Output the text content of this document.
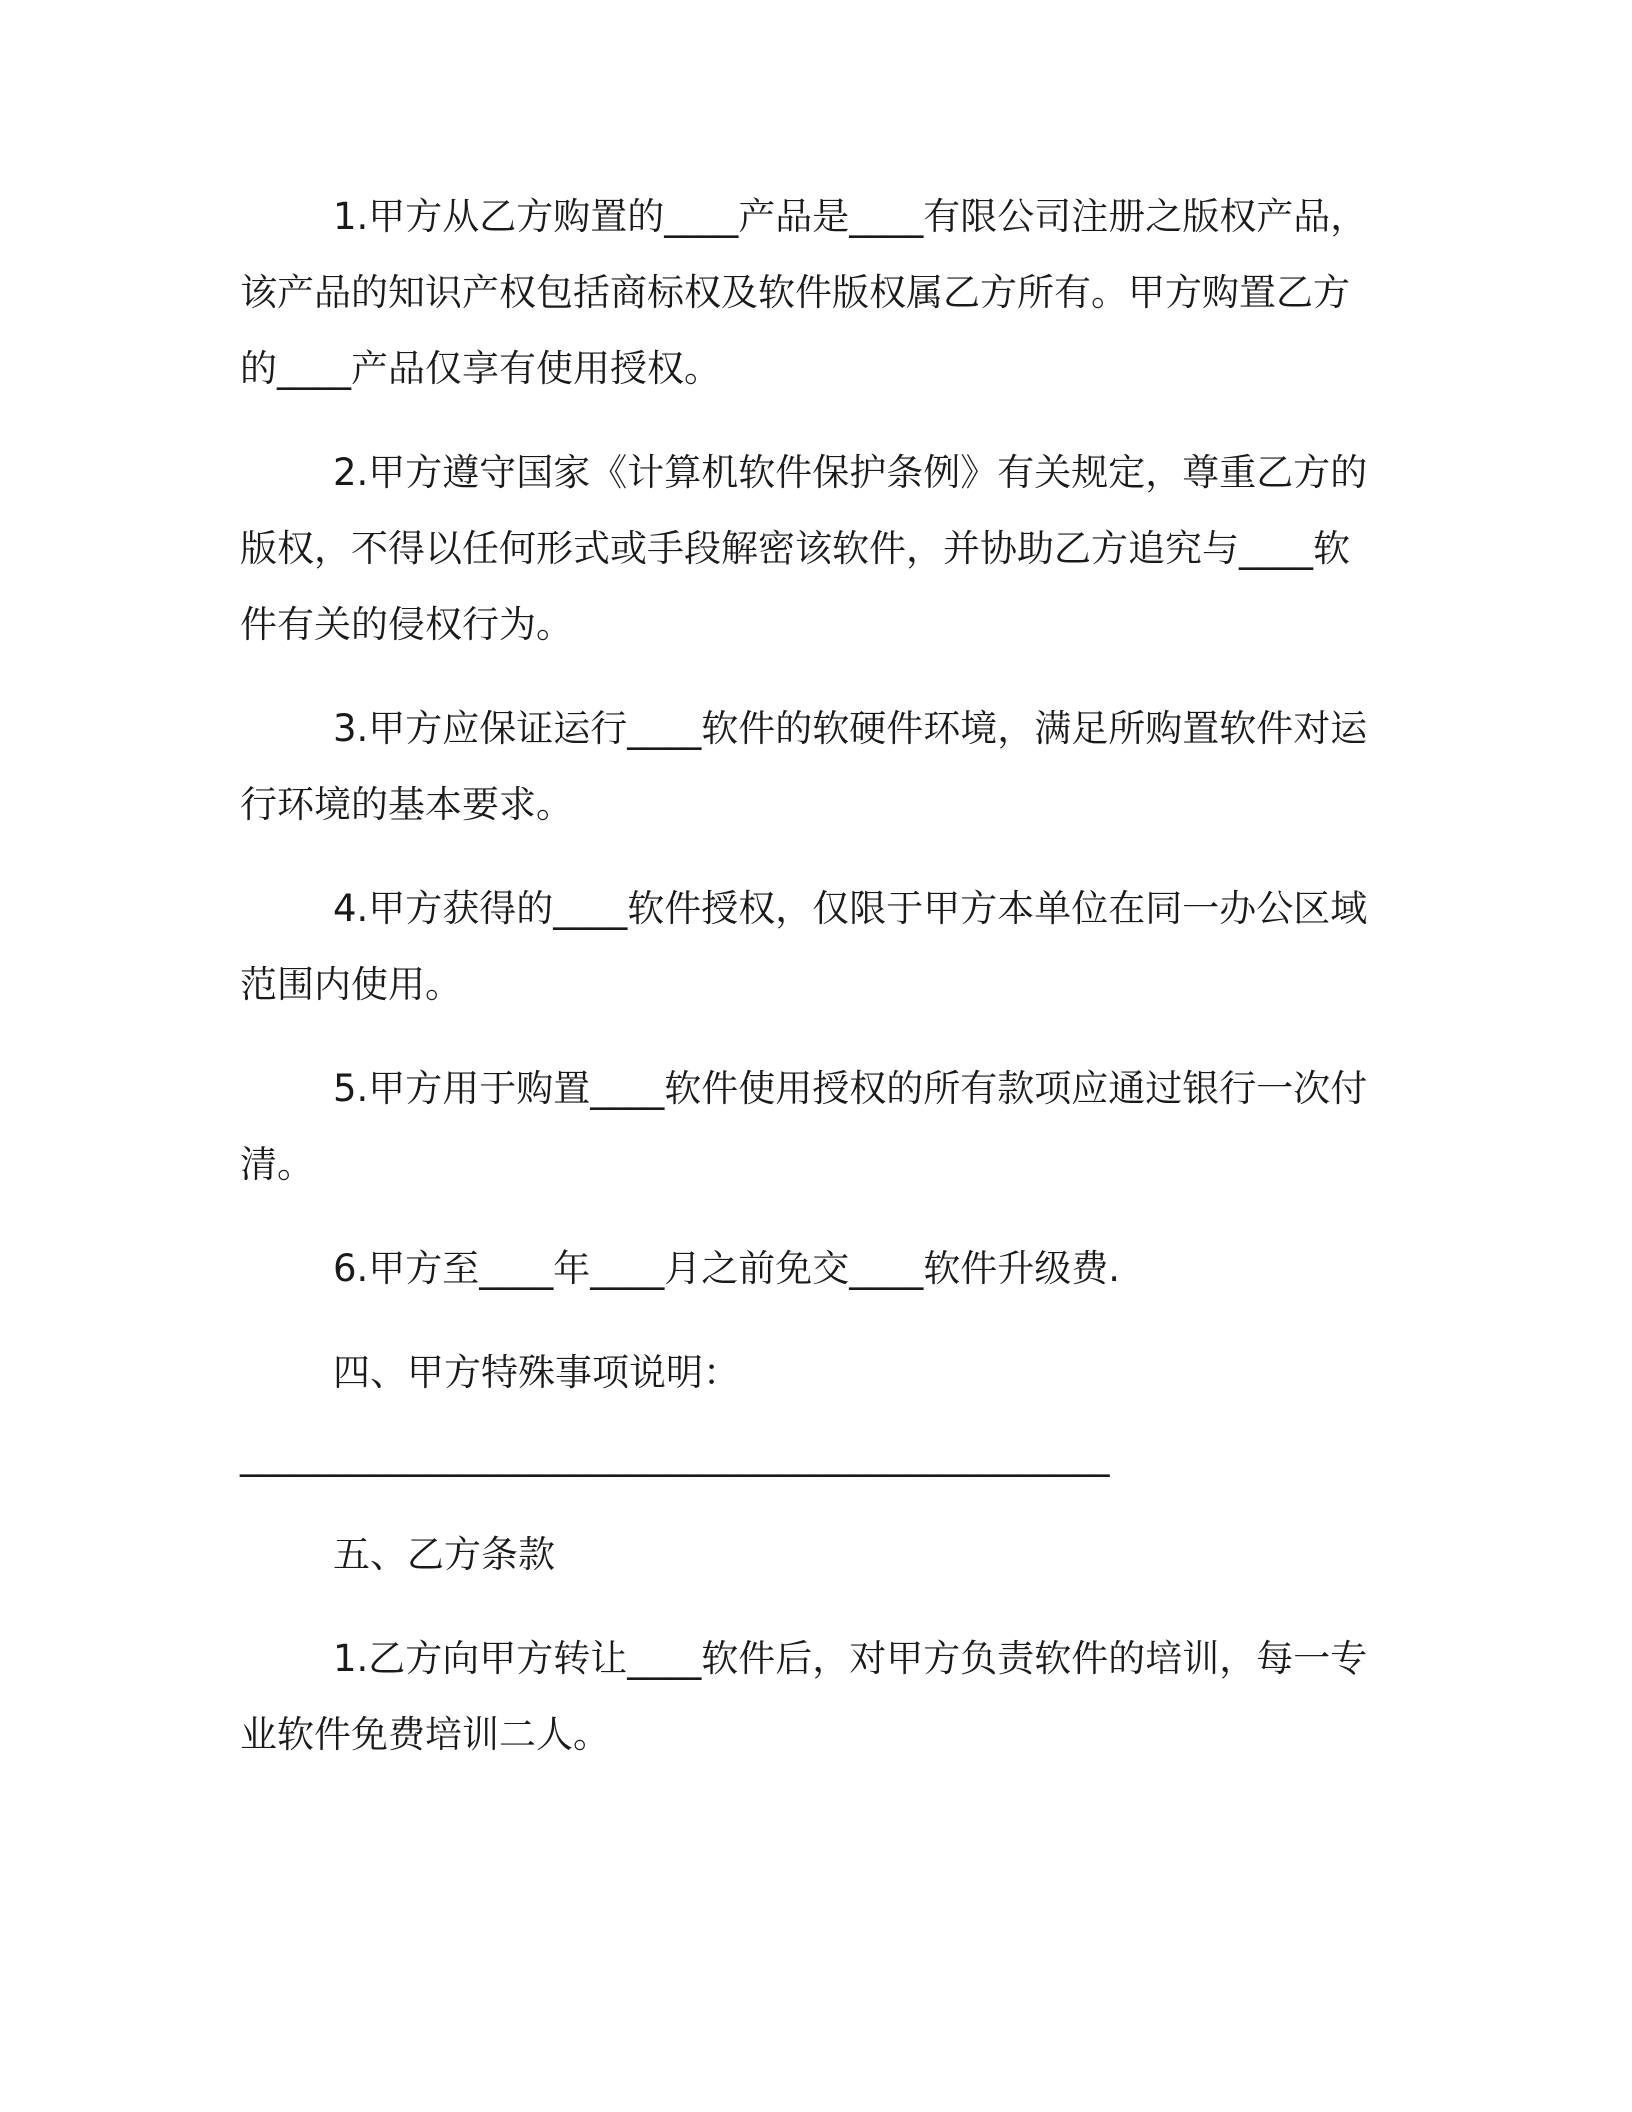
1.甲方从乙方购置的____产品是____有限公司注册之版权产品，
该产品的知识产权包括商标权及软件版权属乙方所有。甲方购置乙方
的____产品仅享有使用授权。
2.甲方遵守国家《计算机软件保护条例》有关规定，尊重乙方的
版权，不得以任何形式或手段解密该软件，并协助乙方追究与____软
件有关的侵权行为。
3.甲方应保证运行____软件的软硬件环境，满足所购置软件对运
行环境的基本要求。
4.甲方获得的____软件授权，仅限于甲方本单位在同一办公区域
范围内使用。
5.甲方用于购置____软件使用授权的所有款项应通过银行一次付
清。
6.甲方至____年____月之前免交____软件升级费.
四、甲方特殊事项说明：
_______________________________________________
五、乙方条款
1.乙方向甲方转让____软件后，对甲方负责软件的培训，每一专
业软件免费培训二人。
